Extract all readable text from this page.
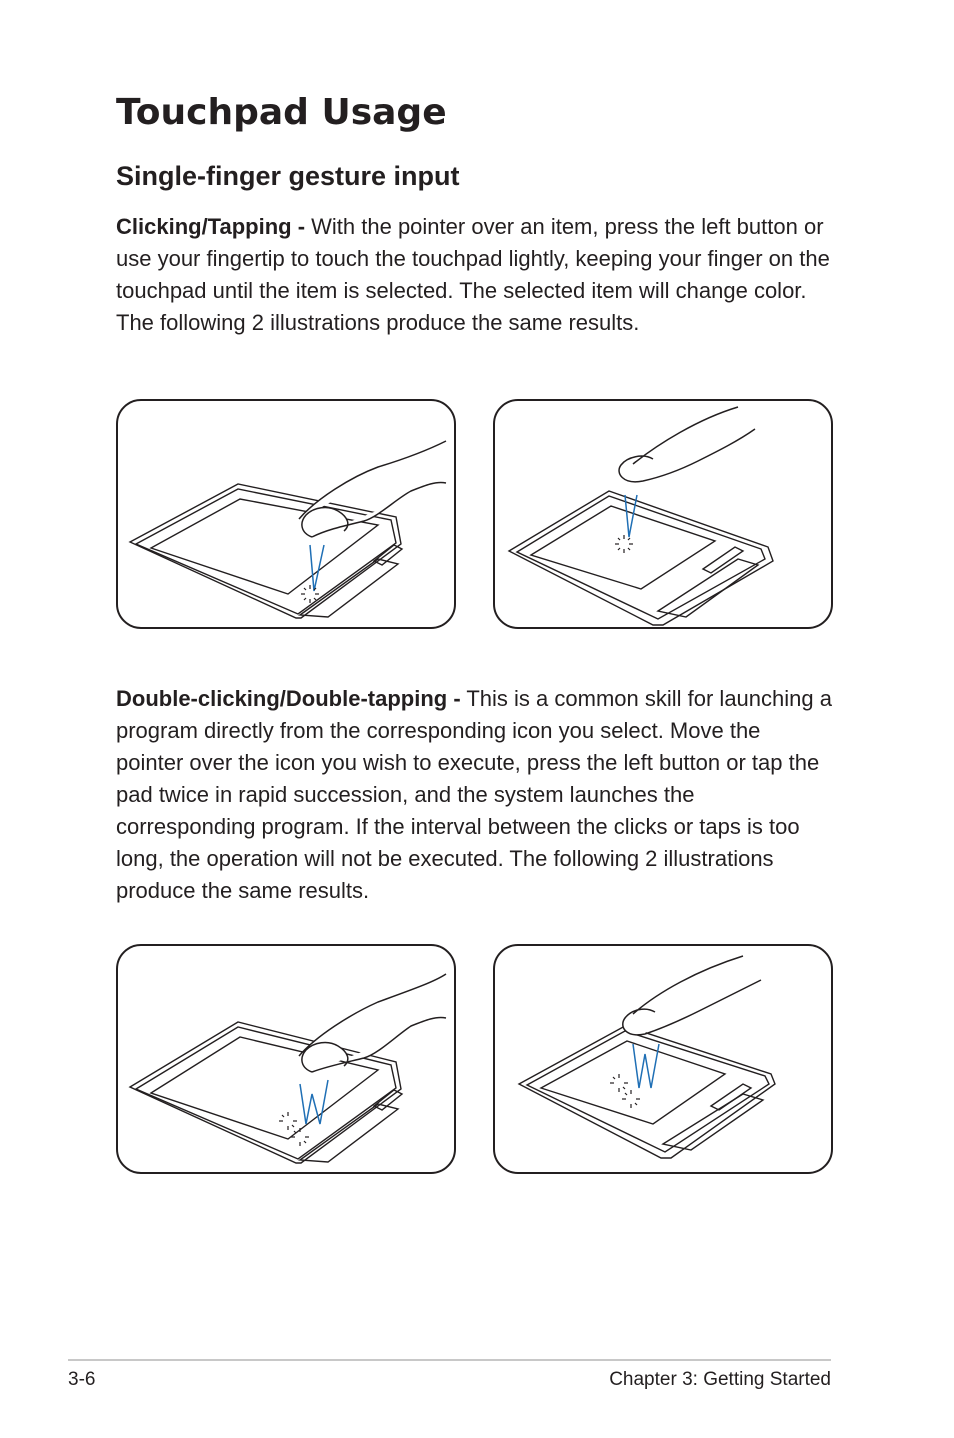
Touchpad Usage
Single-finger gesture input

Clicking/Tapping - With the pointer over an item, press the left button or use your fingertip to touch the touchpad lightly, keeping your finger on the touchpad until the item is selected. The selected item will change color. The following 2 illustrations produce the same results.

Double-clicking/Double-tapping - This is a common skill for launching a program directly from the corresponding icon you select. Move the pointer over the icon you wish to execute, press the left button or tap the pad twice in rapid succession, and the system launches the corresponding program. If the interval between the clicks or taps is too long, the operation will not be executed. The following 2 illustrations produce the same results.

3-6	Chapter 3: Getting Started
